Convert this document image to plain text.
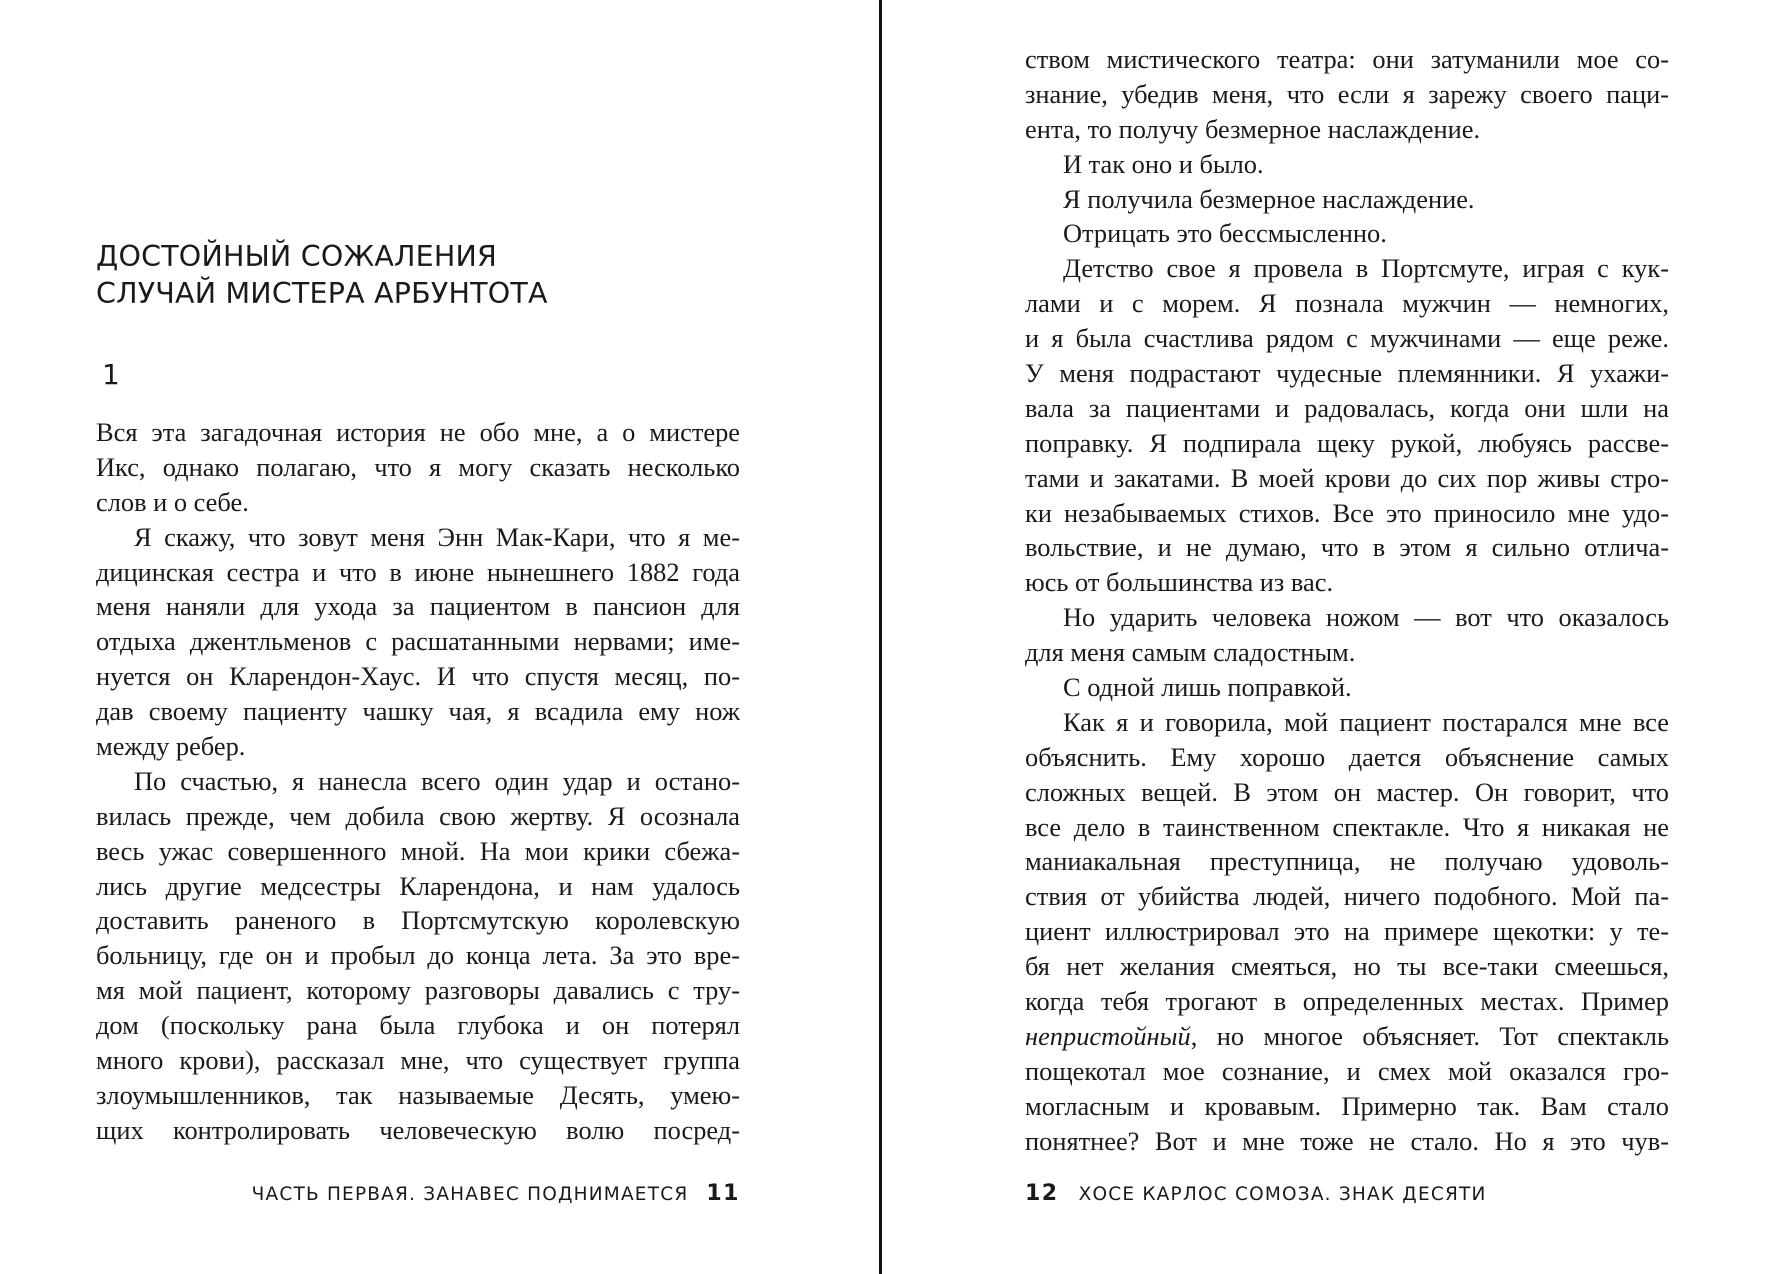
ДОСТОЙНЫЙ СОЖАЛЕНИЯ
СЛУЧАЙ МИСТЕРА АРБУНТОТА
1
Вся эта загадочная история не обо мне, а о мистере
Икс, однако полагаю, что я могу сказать несколько
слов и о себе.
Я скажу, что зовут меня Энн Мак-Кари, что я ме-
дицинская сестра и что в июне нынешнего 1882 года
меня наняли для ухода за пациентом в пансион для
отдыха джентльменов с расшатанными нервами; име-
нуется он Кларендон-Хаус. И что спустя месяц, по-
дав своему пациенту чашку чая, я всадила ему нож
между ребер.
По счастью, я нанесла всего один удар и остано-
вилась прежде, чем добила свою жертву. Я осознала
весь ужас совершенного мной. На мои крики сбежа-
лись другие медсестры Кларендона, и нам удалось
доставить раненого в Портсмутскую королевскую
больницу, где он и пробыл до конца лета. За это вре-
мя мой пациент, которому разговоры давались с тру-
дом (поскольку рана была глубока и он потерял
много крови), рассказал мне, что существует группа
злоумышленников, так называемые Десять, умею-
щих контролировать человеческую волю посред-
ЧАСТЬ ПЕРВАЯ. ЗАНАВЕС ПОДНИМАЕТСЯ 11
ством мистического театра: они затуманили мое со-
знание, убедив меня, что если я зарежу своего паци-
ента, то получу безмерное наслаждение.
И так оно и было.
Я получила безмерное наслаждение.
Отрицать это бессмысленно.
Детство свое я провела в Портсмуте, играя с кук-
лами и с морем. Я познала мужчин — немногих,
и я была счастлива рядом с мужчинами — еще реже.
У меня подрастают чудесные племянники. Я ухажи-
вала за пациентами и радовалась, когда они шли на
поправку. Я подпирала щеку рукой, любуясь рассве-
тами и закатами. В моей крови до сих пор живы стро-
ки незабываемых стихов. Все это приносило мне удо-
вольствие, и не думаю, что в этом я сильно отлича-
юсь от большинства из вас.
Но ударить человека ножом — вот что оказалось
для меня самым сладостным.
С одной лишь поправкой.
Как я и говорила, мой пациент постарался мне все
объяснить. Ему хорошо дается объяснение самых
сложных вещей. В этом он мастер. Он говорит, что
все дело в таинственном спектакле. Что я никакая не
маниакальная преступница, не получаю удоволь-
ствия от убийства людей, ничего подобного. Мой па-
циент иллюстрировал это на примере щекотки: у те-
бя нет желания смеяться, но ты все-таки смеешься,
когда тебя трогают в определенных местах. Пример
непристойный, но многое объясняет. Тот спектакль
пощекотал мое сознание, и смех мой оказался гро-
могласным и кровавым. Примерно так. Вам стало
понятнее? Вот и мне тоже не стало. Но я это чув-
12 ХОСЕ КАРЛОС СОМОЗА. ЗНАК ДЕСЯТИ
